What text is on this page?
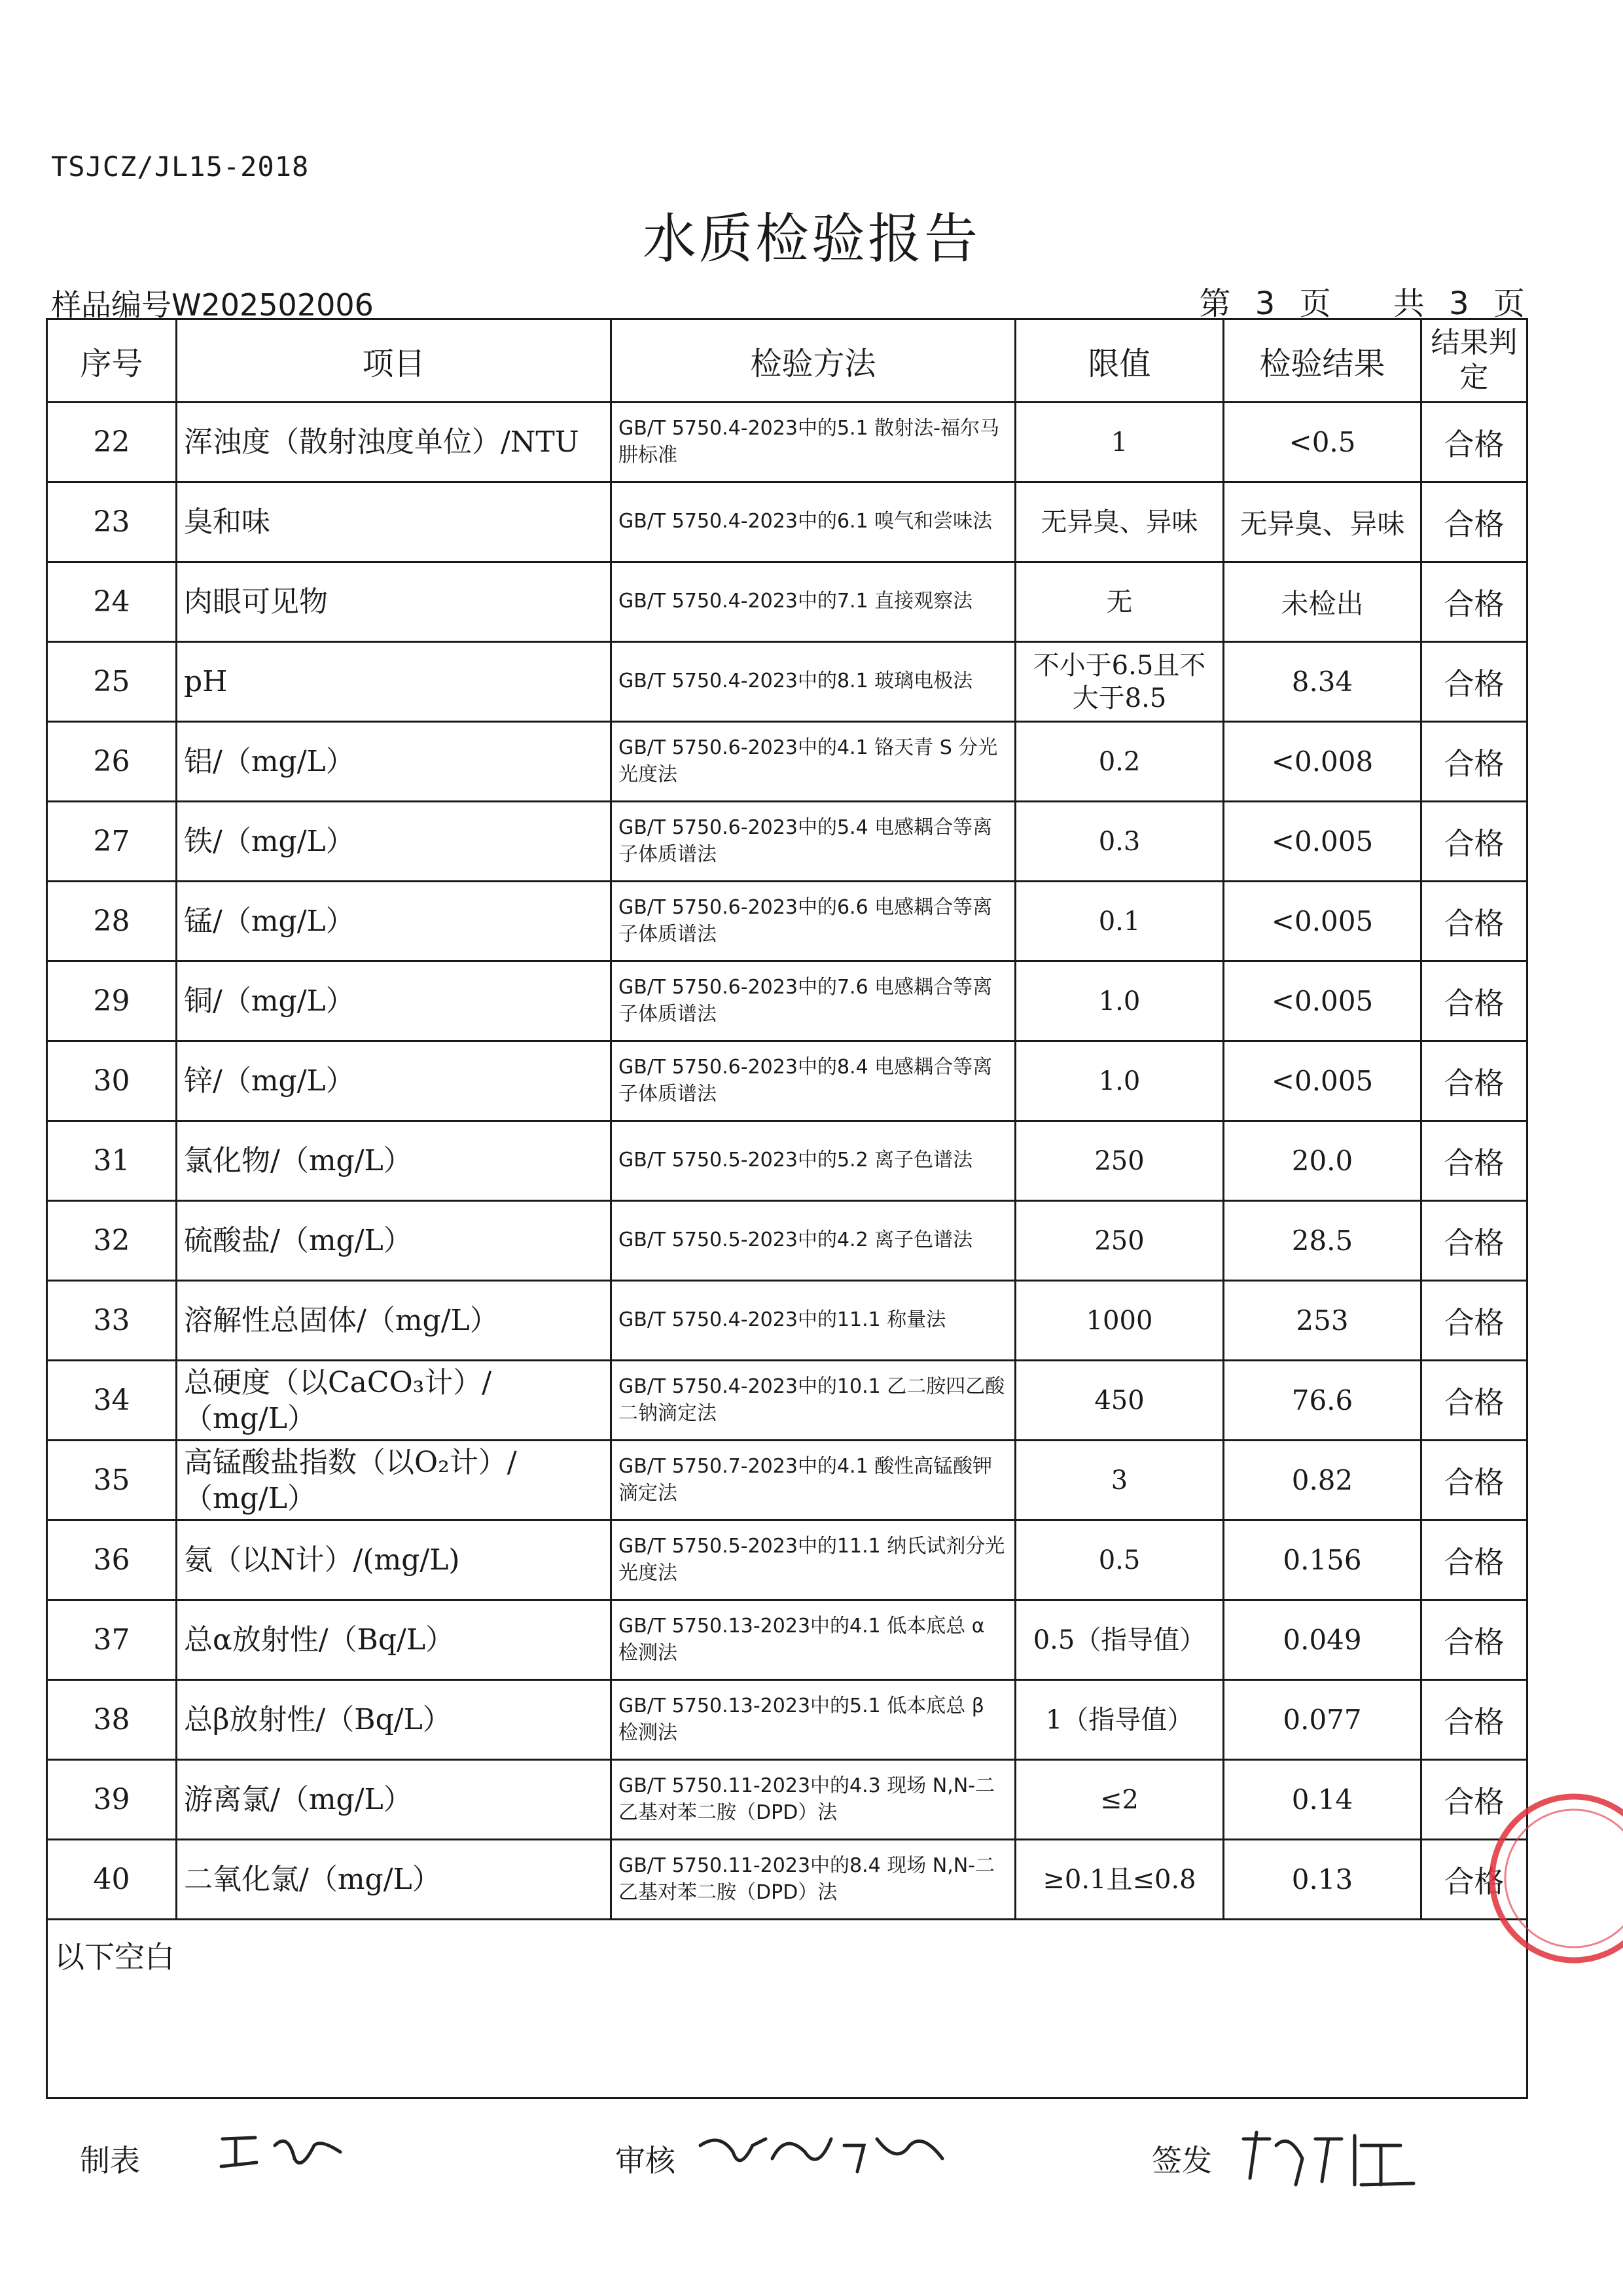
TSJCZ/JL15-2018
水质检验报告
样品编号W202502006	第 3 页 共 3 页
序号	项目	检验方法	限值	检验结果	结果判定
22	浑浊度（散射浊度单位）/NTU	GB/T 5750.4-2023中的5.1 散射法-福尔马肼标准	1	<0.5	合格
23	臭和味	GB/T 5750.4-2023中的6.1 嗅气和尝味法	无异臭、异味	无异臭、异味	合格
24	肉眼可见物	GB/T 5750.4-2023中的7.1 直接观察法	无	未检出	合格
25	pH	GB/T 5750.4-2023中的8.1 玻璃电极法	不小于6.5且不大于8.5	8.34	合格
26	铝/（mg/L）	GB/T 5750.6-2023中的4.1 铬天青 S 分光光度法	0.2	<0.008	合格
27	铁/（mg/L）	GB/T 5750.6-2023中的5.4 电感耦合等离子体质谱法	0.3	<0.005	合格
28	锰/（mg/L）	GB/T 5750.6-2023中的6.6 电感耦合等离子体质谱法	0.1	<0.005	合格
29	铜/（mg/L）	GB/T 5750.6-2023中的7.6 电感耦合等离子体质谱法	1.0	<0.005	合格
30	锌/（mg/L）	GB/T 5750.6-2023中的8.4 电感耦合等离子体质谱法	1.0	<0.005	合格
31	氯化物/（mg/L）	GB/T 5750.5-2023中的5.2 离子色谱法	250	20.0	合格
32	硫酸盐/（mg/L）	GB/T 5750.5-2023中的4.2 离子色谱法	250	28.5	合格
33	溶解性总固体/（mg/L）	GB/T 5750.4-2023中的11.1 称量法	1000	253	合格
34	总硬度（以CaCO₃计）/（mg/L）	GB/T 5750.4-2023中的10.1 乙二胺四乙酸二钠滴定法	450	76.6	合格
35	高锰酸盐指数（以O₂计）/（mg/L）	GB/T 5750.7-2023中的4.1 酸性高锰酸钾滴定法	3	0.82	合格
36	氨（以N计）/(mg/L)	GB/T 5750.5-2023中的11.1 纳氏试剂分光光度法	0.5	0.156	合格
37	总α放射性/（Bq/L）	GB/T 5750.13-2023中的4.1 低本底总 α 检测法	0.5（指导值）	0.049	合格
38	总β放射性/（Bq/L）	GB/T 5750.13-2023中的5.1 低本底总 β 检测法	1（指导值）	0.077	合格
39	游离氯/（mg/L）	GB/T 5750.11-2023中的4.3 现场 N,N-二乙基对苯二胺（DPD）法	≤2	0.14	合格
40	二氧化氯/（mg/L）	GB/T 5750.11-2023中的8.4 现场 N,N-二乙基对苯二胺（DPD）法	≥0.1且≤0.8	0.13	合格
以下空白					
制表	审核	签发
